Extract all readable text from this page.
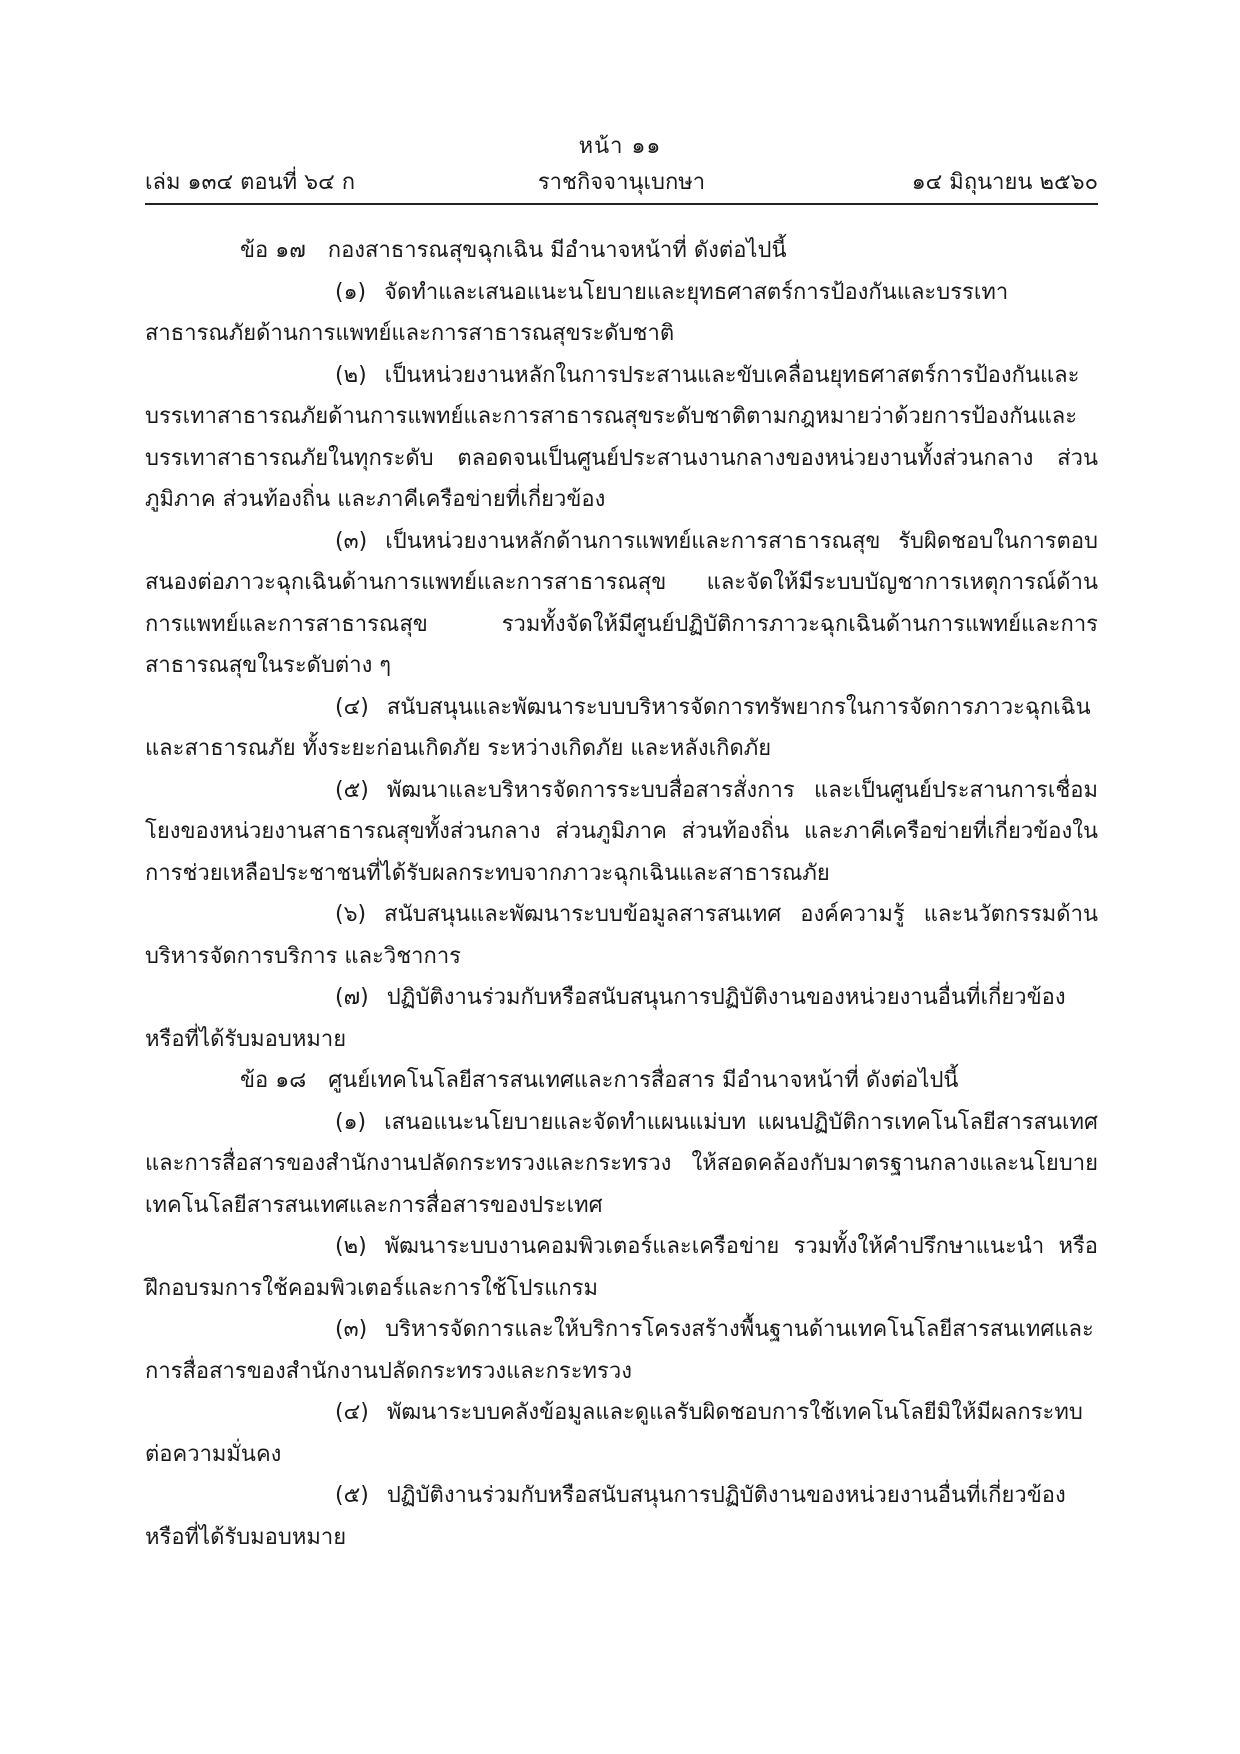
หน้า ๑๑
เล่ม ๑๓๔ ตอนที่ ๖๔ ก	ราชกิจจานุเบกษา	๑๔ มิถุนายน ๒๕๖๐

ข้อ ๑๗ กองสาธารณสุขฉุกเฉิน มีอำนาจหน้าที่ ดังต่อไปนี้

(๑) จัดทำและเสนอแนะนโยบายและยุทธศาสตร์การป้องกันและบรรเทาสาธารณภัยด้านการแพทย์และการสาธารณสุขระดับชาติ

(๒) เป็นหน่วยงานหลักในการประสานและขับเคลื่อนยุทธศาสตร์การป้องกันและบรรเทาสาธารณภัยด้านการแพทย์และการสาธารณสุขระดับชาติตามกฎหมายว่าด้วยการป้องกันและบรรเทาสาธารณภัยในทุกระดับ ตลอดจนเป็นศูนย์ประสานงานกลางของหน่วยงานทั้งส่วนกลาง ส่วนภูมิภาค ส่วนท้องถิ่น และภาคีเครือข่ายที่เกี่ยวข้อง

(๓) เป็นหน่วยงานหลักด้านการแพทย์และการสาธารณสุข รับผิดชอบในการตอบสนองต่อภาวะฉุกเฉินด้านการแพทย์และการสาธารณสุข และจัดให้มีระบบบัญชาการเหตุการณ์ด้านการแพทย์และการสาธารณสุข รวมทั้งจัดให้มีศูนย์ปฏิบัติการภาวะฉุกเฉินด้านการแพทย์และการสาธารณสุขในระดับต่าง ๆ

(๔) สนับสนุนและพัฒนาระบบบริหารจัดการทรัพยากรในการจัดการภาวะฉุกเฉินและสาธารณภัย ทั้งระยะก่อนเกิดภัย ระหว่างเกิดภัย และหลังเกิดภัย

(๕) พัฒนาและบริหารจัดการระบบสื่อสารสั่งการ และเป็นศูนย์ประสานการเชื่อมโยงของหน่วยงานสาธารณสุขทั้งส่วนกลาง ส่วนภูมิภาค ส่วนท้องถิ่น และภาคีเครือข่ายที่เกี่ยวข้องในการช่วยเหลือประชาชนที่ได้รับผลกระทบจากภาวะฉุกเฉินและสาธารณภัย

(๖) สนับสนุนและพัฒนาระบบข้อมูลสารสนเทศ องค์ความรู้ และนวัตกรรมด้านบริหารจัดการบริการ และวิชาการ

(๗) ปฏิบัติงานร่วมกับหรือสนับสนุนการปฏิบัติงานของหน่วยงานอื่นที่เกี่ยวข้องหรือที่ได้รับมอบหมาย

ข้อ ๑๘ ศูนย์เทคโนโลยีสารสนเทศและการสื่อสาร มีอำนาจหน้าที่ ดังต่อไปนี้

(๑) เสนอแนะนโยบายและจัดทำแผนแม่บท แผนปฏิบัติการเทคโนโลยีสารสนเทศและการสื่อสารของสำนักงานปลัดกระทรวงและกระทรวง ให้สอดคล้องกับมาตรฐานกลางและนโยบายเทคโนโลยีสารสนเทศและการสื่อสารของประเทศ

(๒) พัฒนาระบบงานคอมพิวเตอร์และเครือข่าย รวมทั้งให้คำปรึกษาแนะนำ หรือฝึกอบรมการใช้คอมพิวเตอร์และการใช้โปรแกรม

(๓) บริหารจัดการและให้บริการโครงสร้างพื้นฐานด้านเทคโนโลยีสารสนเทศและการสื่อสารของสำนักงานปลัดกระทรวงและกระทรวง

(๔) พัฒนาระบบคลังข้อมูลและดูแลรับผิดชอบการใช้เทคโนโลยีมิให้มีผลกระทบต่อความมั่นคง

(๕) ปฏิบัติงานร่วมกับหรือสนับสนุนการปฏิบัติงานของหน่วยงานอื่นที่เกี่ยวข้องหรือที่ได้รับมอบหมาย
